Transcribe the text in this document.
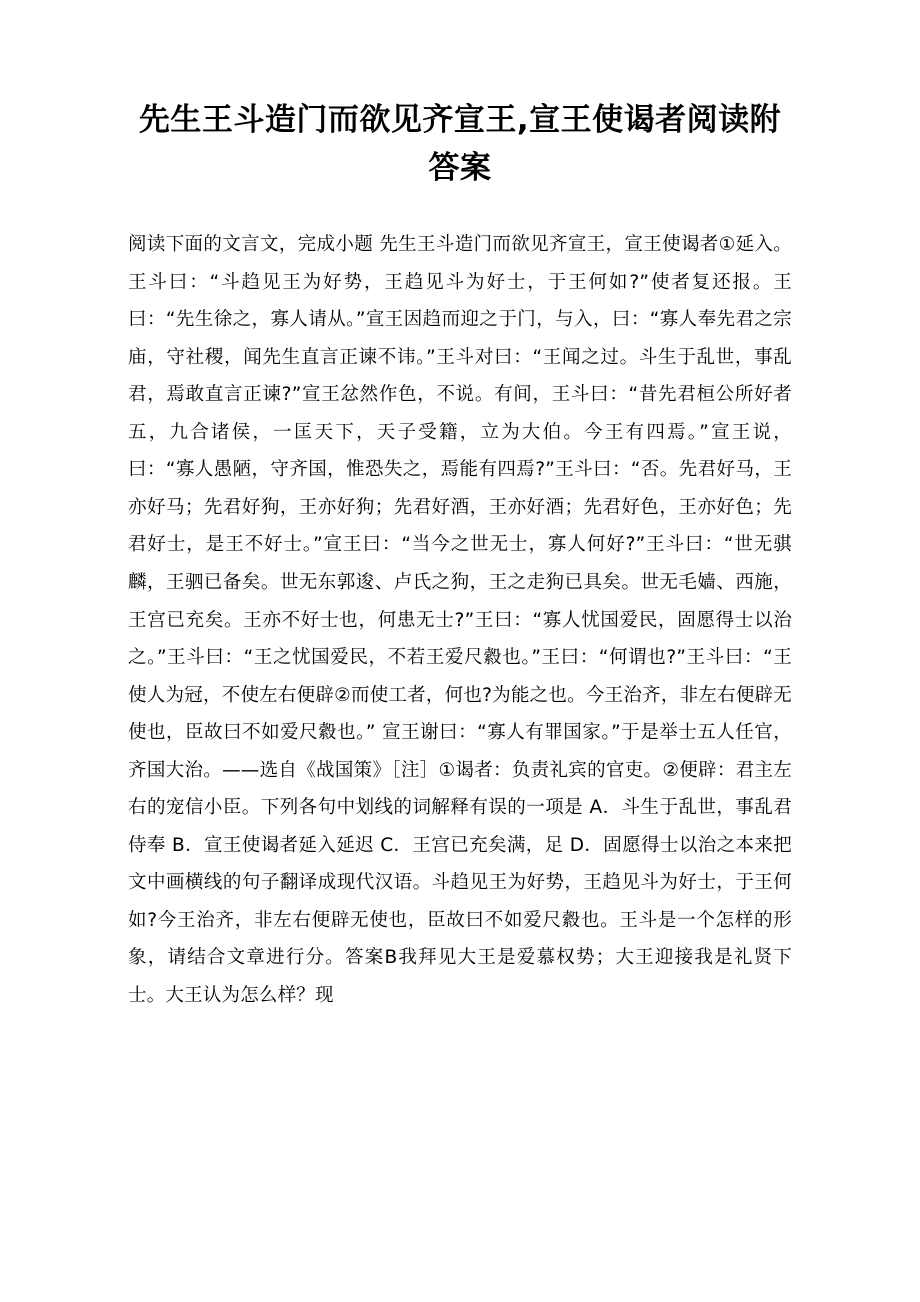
先生王斗造门而欲见齐宣王,宣王使谒者阅读附答案
阅读下面的文言文，完成小题 先生王斗造门而欲见齐宣王，宣王使谒者①延入。王斗曰：“斗趋见王为好势，王趋见斗为好士，于王何如?”使者复还报。王曰：“先生徐之，寡人请从。”宣王因趋而迎之于门，与入，曰：“寡人奉先君之宗庙，守社稷，闻先生直言正谏不讳。”王斗对曰：“王闻之过。斗生于乱世，事乱君，焉敢直言正谏?”宣王忿然作色，不说。有间，王斗曰：“昔先君桓公所好者五，九合诸侯，一匡天下，天子受籍，立为大伯。今王有四焉。”宣王说，曰：“寡人愚陋，守齐国，惟恐失之，焉能有四焉?”王斗曰：“否。先君好马，王亦好马；先君好狗，王亦好狗；先君好酒，王亦好酒；先君好色，王亦好色；先君好士，是王不好士。”宣王曰：“当今之世无士，寡人何好?”王斗曰：“世无骐麟，王驷已备矣。世无东郭逡、卢氏之狗，王之走狗已具矣。世无毛嫱、西施，王宫已充矣。王亦不好士也，何患无士?”王曰：“寡人忧国爱民，固愿得士以治之。”王斗曰：“王之忧国爱民，不若王爱尺縠也。”王曰：“何谓也?”王斗曰：“王使人为冠，不使左右便辟②而使工者，何也?为能之也。今王治齐，非左右便辟无使也，臣故曰不如爱尺縠也。” 宣王谢曰：“寡人有罪国家。”于是举士五人任官，齐国大治。——选自《战国策》［注］①谒者：负责礼宾的官吏。②便辟：君主左右的宠信小臣。下列各句中划线的词解释有误的一项是 A．斗生于乱世，事乱君侍奉 B．宣王使谒者延入延迟 C．王宫已充矣满，足 D．固愿得士以治之本来把文中画横线的句子翻译成现代汉语。斗趋见王为好势，王趋见斗为好士，于王何如?今王治齐，非左右便辟无使也，臣故曰不如爱尺縠也。王斗是一个怎样的形象，请结合文章进行分。答案B我拜见大王是爱慕权势；大王迎接我是礼贤下士。大王认为怎么样？现
